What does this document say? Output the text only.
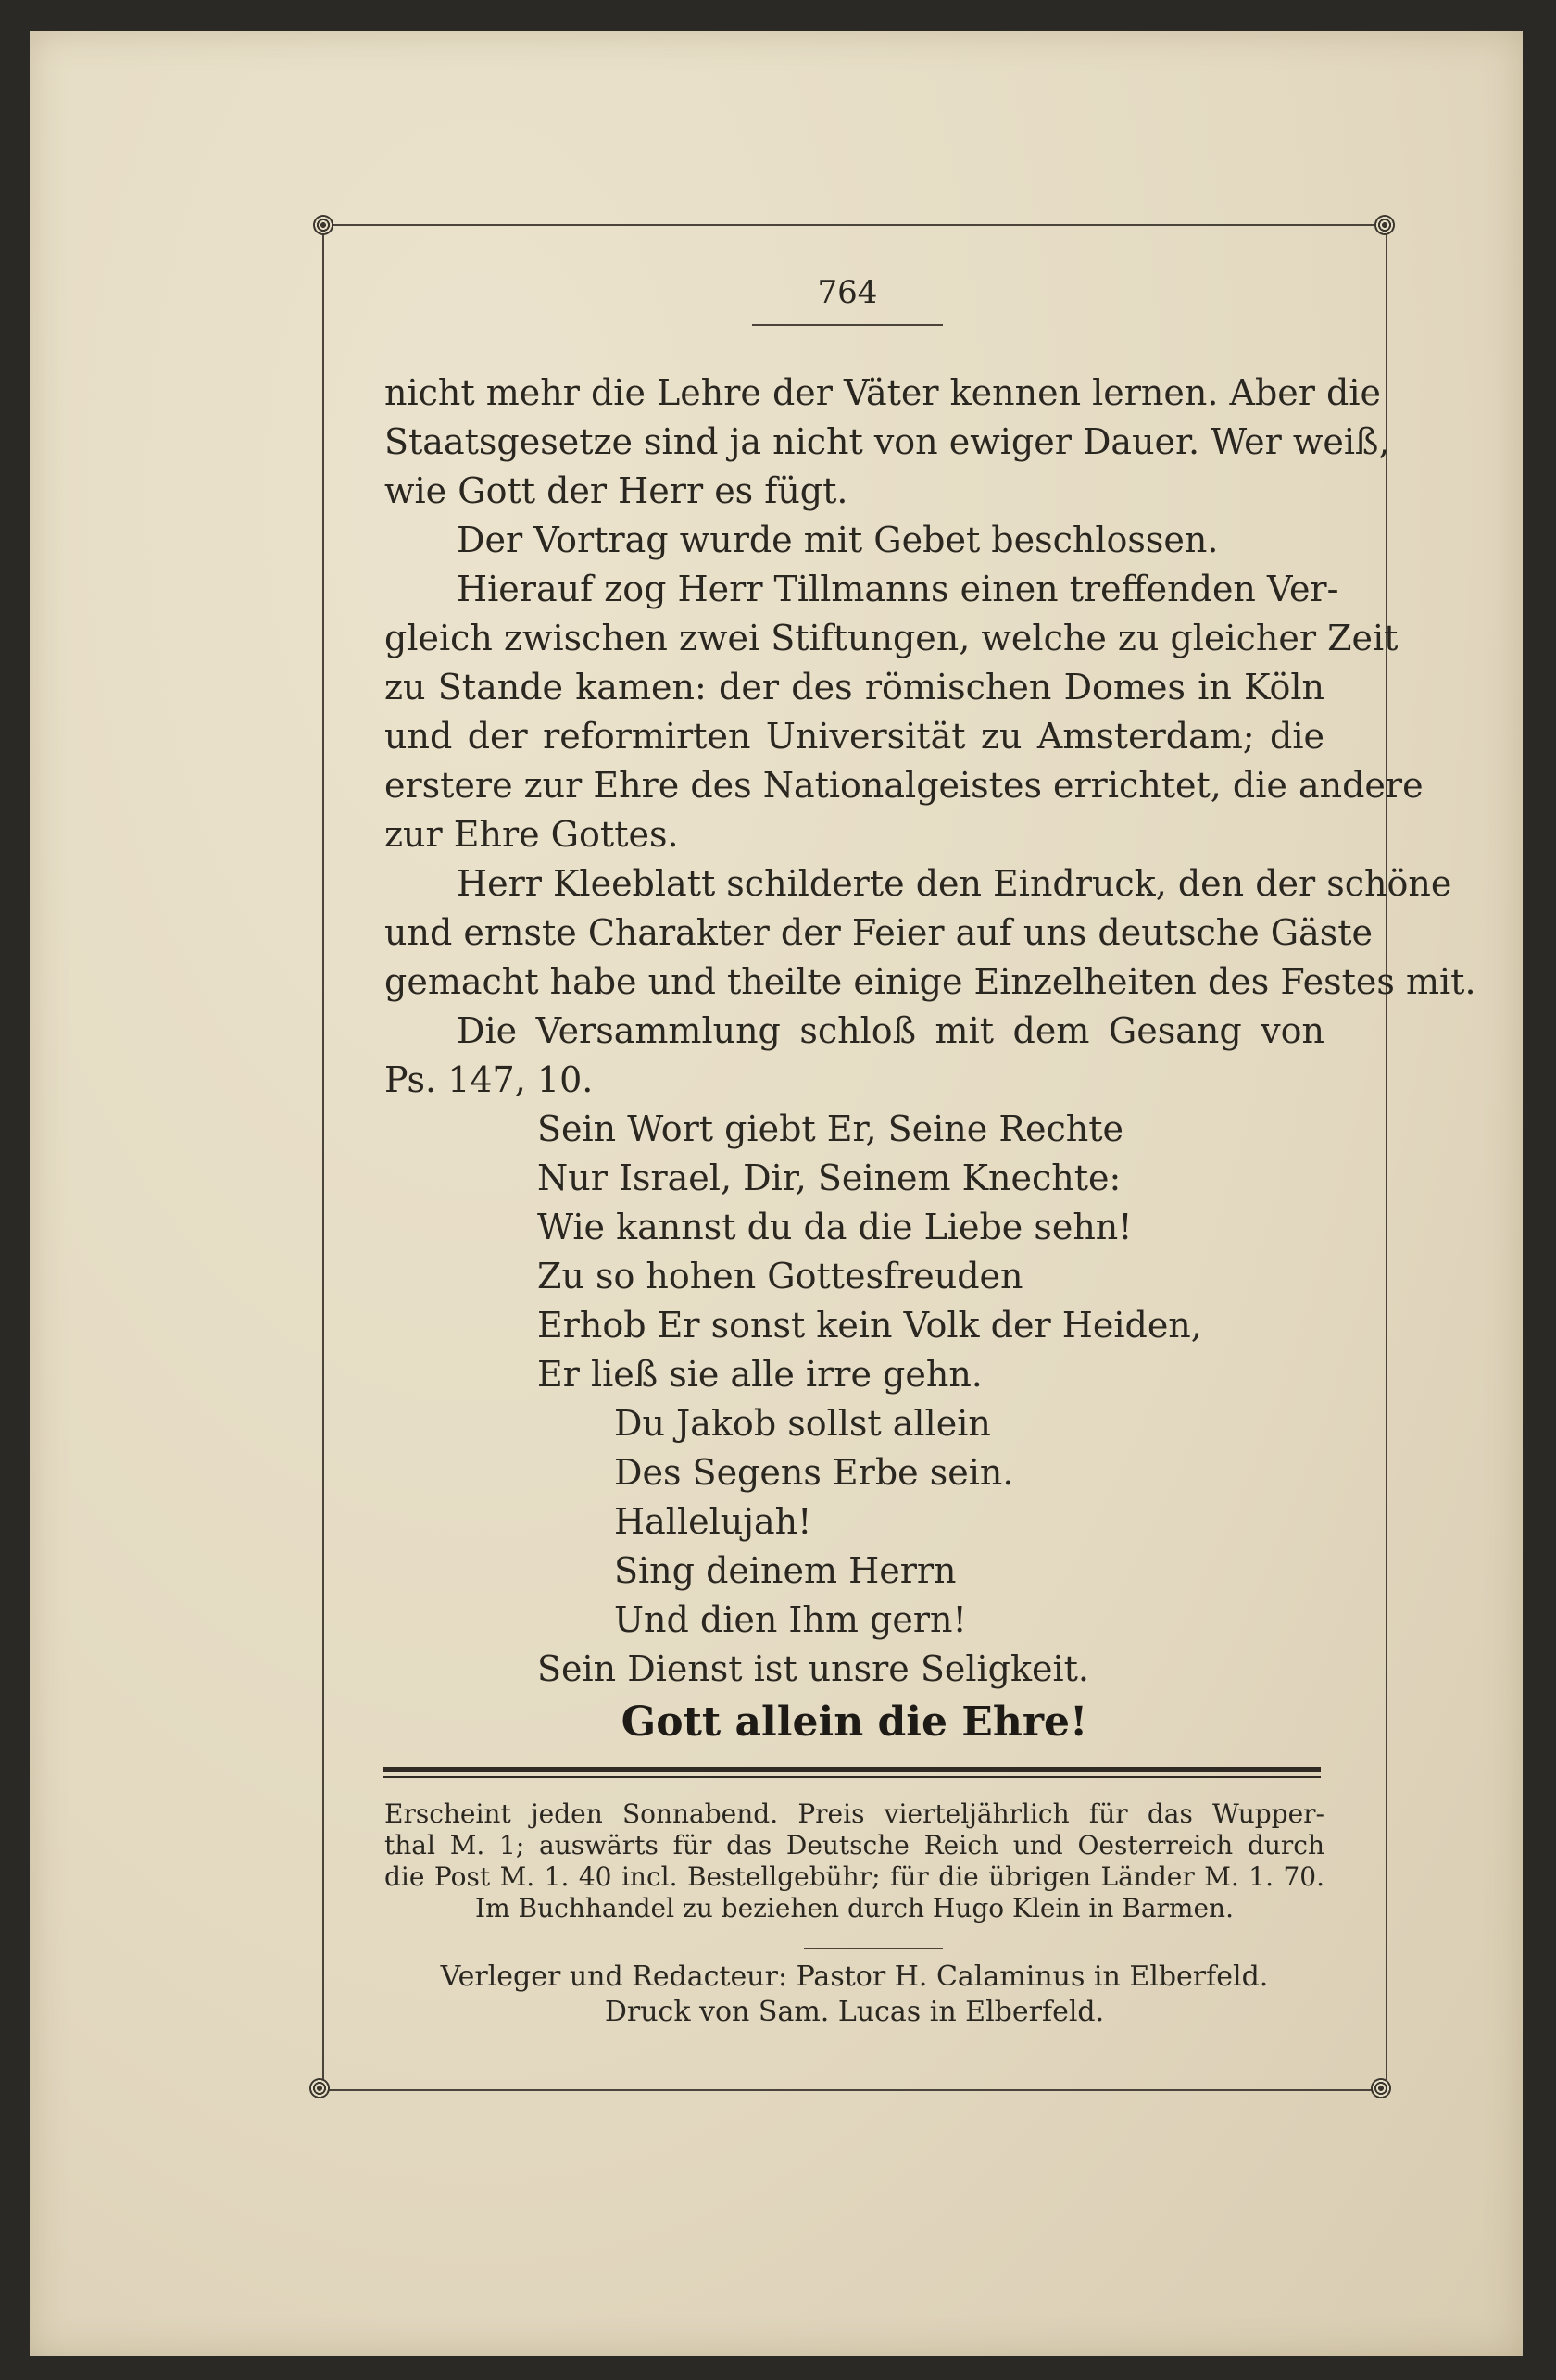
764
nicht mehr die Lehre der Väter kennen lernen. Aber die
Staatsgesetze sind ja nicht von ewiger Dauer. Wer weiß,
wie Gott der Herr es fügt.
Der Vortrag wurde mit Gebet beschlossen.
Hierauf zog Herr Tillmanns einen treffenden Ver-
gleich zwischen zwei Stiftungen, welche zu gleicher Zeit
zu Stande kamen: der des römischen Domes in Köln
und der reformirten Universität zu Amsterdam; die
erstere zur Ehre des Nationalgeistes errichtet, die andere
zur Ehre Gottes.
Herr Kleeblatt schilderte den Eindruck, den der schöne
und ernste Charakter der Feier auf uns deutsche Gäste
gemacht habe und theilte einige Einzelheiten des Festes mit.
Die Versammlung schloß mit dem Gesang von
Ps. 147, 10.
Sein Wort giebt Er, Seine Rechte
Nur Israel, Dir, Seinem Knechte:
Wie kannst du da die Liebe sehn!
Zu so hohen Gottesfreuden
Erhob Er sonst kein Volk der Heiden,
Er ließ sie alle irre gehn.
Du Jakob sollst allein
Des Segens Erbe sein.
Hallelujah!
Sing deinem Herrn
Und dien Ihm gern!
Sein Dienst ist unsre Seligkeit.
Gott allein die Ehre!
Erscheint jeden Sonnabend. Preis vierteljährlich für das Wupper-
thal M. 1; auswärts für das Deutsche Reich und Oesterreich durch
die Post M. 1. 40 incl. Bestellgebühr; für die übrigen Länder M. 1. 70.
Im Buchhandel zu beziehen durch Hugo Klein in Barmen.
Verleger und Redacteur: Pastor H. Calaminus in Elberfeld.
Druck von Sam. Lucas in Elberfeld.
